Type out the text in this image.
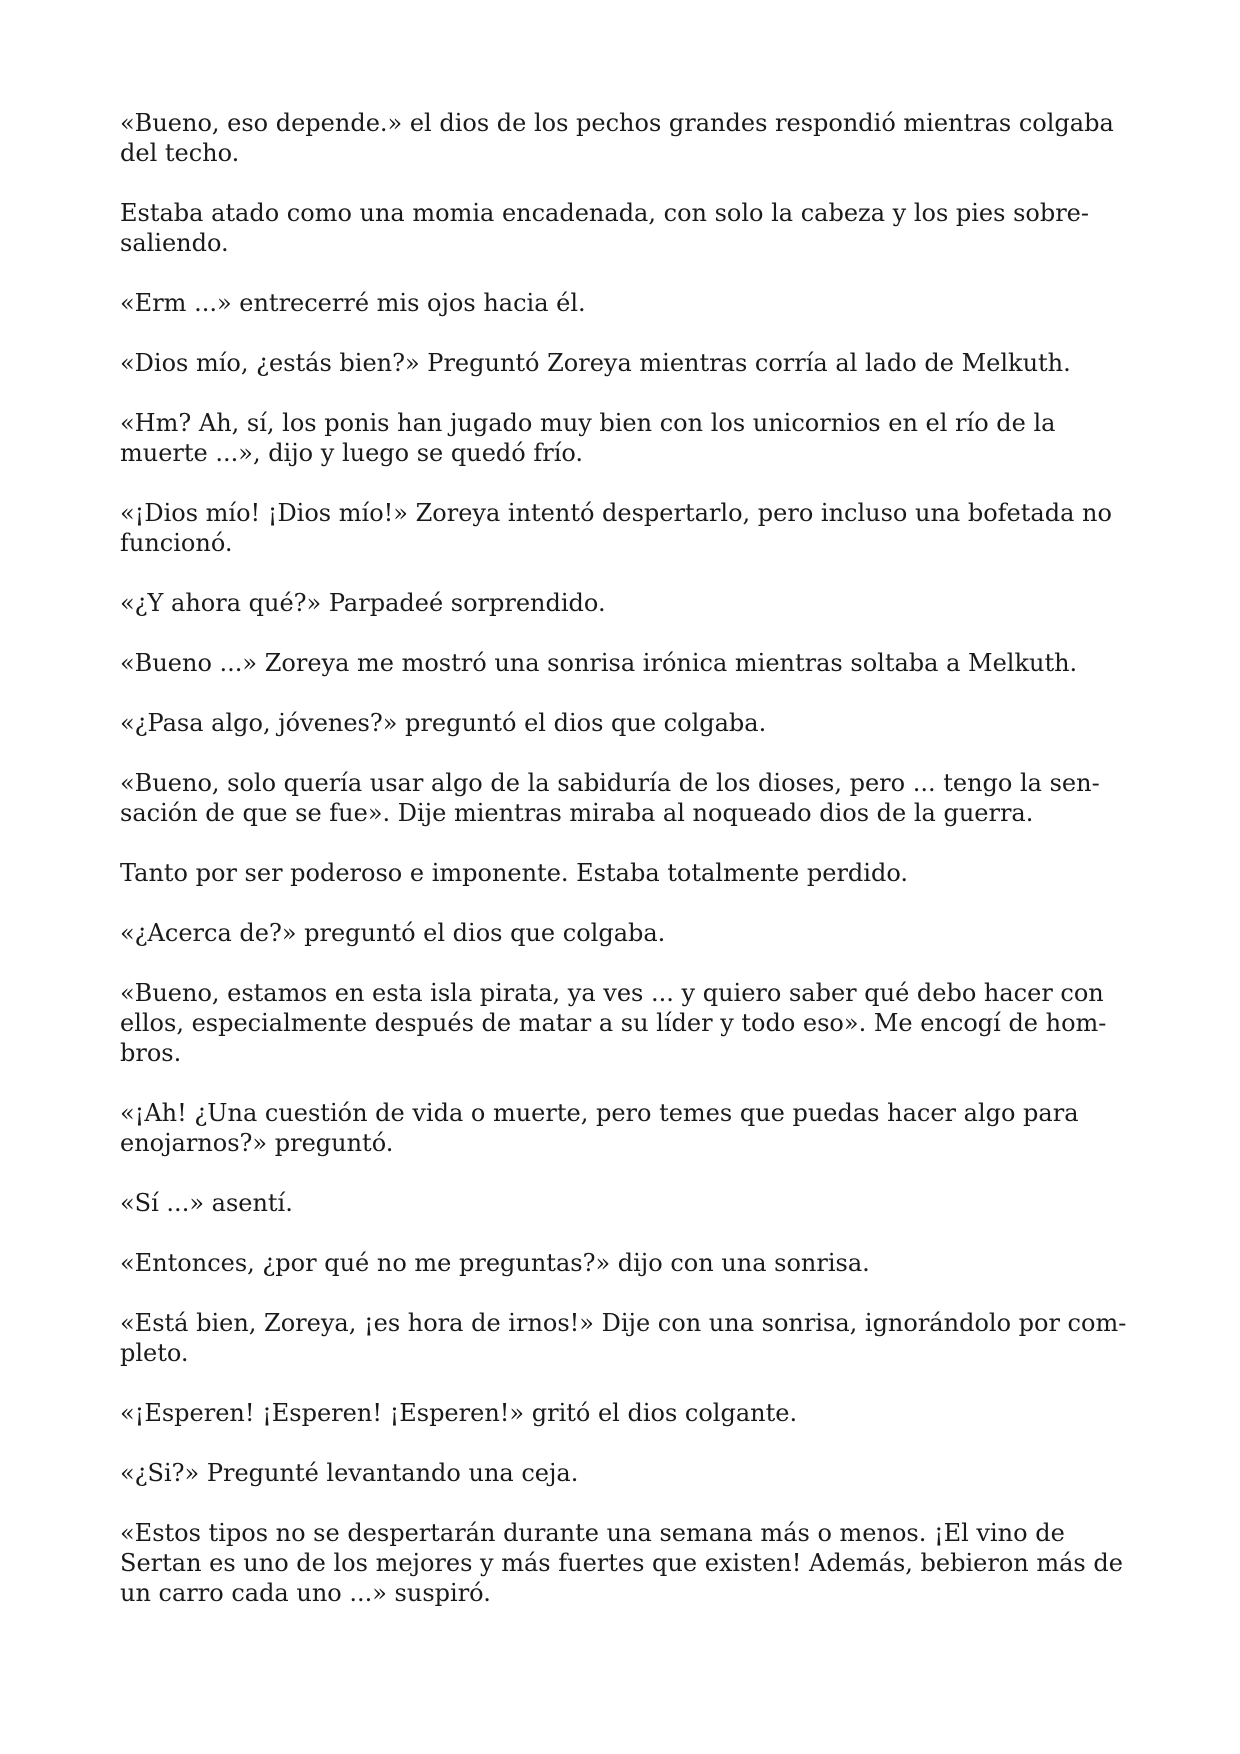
«Bueno, eso depende.» el dios de los pechos grandes respondió mientras colgaba
del techo.

Estaba atado como una momia encadenada, con solo la cabeza y los pies sobre-
saliendo.

«Erm ...» entrecerré mis ojos hacia él.

«Dios mío, ¿estás bien?» Preguntó Zoreya mientras corría al lado de Melkuth.

«Hm? Ah, sí, los ponis han jugado muy bien con los unicornios en el río de la
muerte ...», dijo y luego se quedó frío.

«¡Dios mío! ¡Dios mío!» Zoreya intentó despertarlo, pero incluso una bofetada no
funcionó.

«¿Y ahora qué?» Parpadeé sorprendido.

«Bueno ...» Zoreya me mostró una sonrisa irónica mientras soltaba a Melkuth.

«¿Pasa algo, jóvenes?» preguntó el dios que colgaba.

«Bueno, solo quería usar algo de la sabiduría de los dioses, pero ... tengo la sen-
sación de que se fue». Dije mientras miraba al noqueado dios de la guerra.

Tanto por ser poderoso e imponente. Estaba totalmente perdido.

«¿Acerca de?» preguntó el dios que colgaba.

«Bueno, estamos en esta isla pirata, ya ves ... y quiero saber qué debo hacer con
ellos, especialmente después de matar a su líder y todo eso». Me encogí de hom-
bros.

«¡Ah! ¿Una cuestión de vida o muerte, pero temes que puedas hacer algo para
enojarnos?» preguntó.

«Sí ...» asentí.

«Entonces, ¿por qué no me preguntas?» dijo con una sonrisa.

«Está bien, Zoreya, ¡es hora de irnos!» Dije con una sonrisa, ignorándolo por com-
pleto.

«¡Esperen! ¡Esperen! ¡Esperen!» gritó el dios colgante.

«¿Si?» Pregunté levantando una ceja.

«Estos tipos no se despertarán durante una semana más o menos. ¡El vino de
Sertan es uno de los mejores y más fuertes que existen! Además, bebieron más de
un carro cada uno ...» suspiró.
